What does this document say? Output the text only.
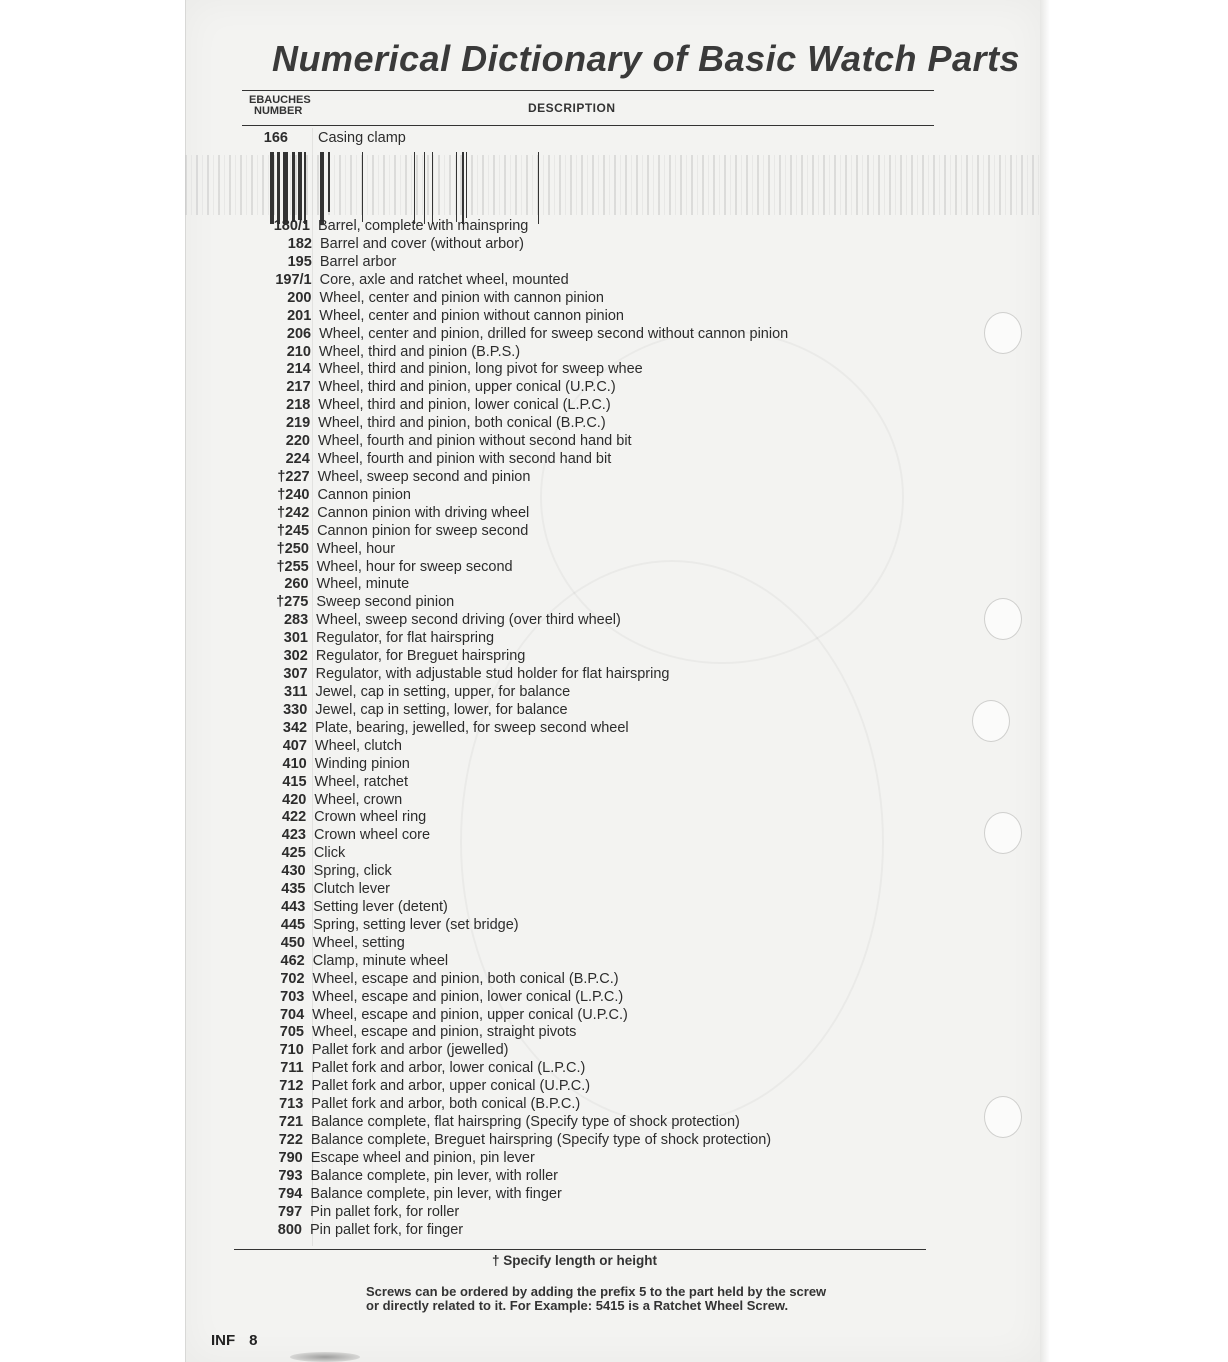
Numerical Dictionary of Basic Watch Parts
EBAUCHES
NUMBER	DESCRIPTION
166 Casing clamp
180/1 Barrel, complete with mainspring
182 Barrel and cover (without arbor)
195 Barrel arbor
197/1 Core, axle and ratchet wheel, mounted
200 Wheel, center and pinion with cannon pinion
201 Wheel, center and pinion without cannon pinion
206 Wheel, center and pinion, drilled for sweep second without cannon pinion
210 Wheel, third and pinion (B.P.S.)
214 Wheel, third and pinion, long pivot for sweep whee
217 Wheel, third and pinion, upper conical (U.P.C.)
218 Wheel, third and pinion, lower conical (L.P.C.)
219 Wheel, third and pinion, both conical (B.P.C.)
220 Wheel, fourth and pinion without second hand bit
224 Wheel, fourth and pinion with second hand bit
†227 Wheel, sweep second and pinion
†240 Cannon pinion
†242 Cannon pinion with driving wheel
†245 Cannon pinion for sweep second
†250 Wheel, hour
†255 Wheel, hour for sweep second
260 Wheel, minute
†275 Sweep second pinion
283 Wheel, sweep second driving (over third wheel)
301 Regulator, for flat hairspring
302 Regulator, for Breguet hairspring
307 Regulator, with adjustable stud holder for flat hairspring
311 Jewel, cap in setting, upper, for balance
330 Jewel, cap in setting, lower, for balance
342 Plate, bearing, jewelled, for sweep second wheel
407 Wheel, clutch
410 Winding pinion
415 Wheel, ratchet
420 Wheel, crown
422 Crown wheel ring
423 Crown wheel core
425 Click
430 Spring, click
435 Clutch lever
443 Setting lever (detent)
445 Spring, setting lever (set bridge)
450 Wheel, setting
462 Clamp, minute wheel
702 Wheel, escape and pinion, both conical (B.P.C.)
703 Wheel, escape and pinion, lower conical (L.P.C.)
704 Wheel, escape and pinion, upper conical (U.P.C.)
705 Wheel, escape and pinion, straight pivots
710 Pallet fork and arbor (jewelled)
711 Pallet fork and arbor, lower conical (L.P.C.)
712 Pallet fork and arbor, upper conical (U.P.C.)
713 Pallet fork and arbor, both conical (B.P.C.)
721 Balance complete, flat hairspring (Specify type of shock protection)
722 Balance complete, Breguet hairspring (Specify type of shock protection)
790 Escape wheel and pinion, pin lever
793 Balance complete, pin lever, with roller
794 Balance complete, pin lever, with finger
797 Pin pallet fork, for roller
800 Pin pallet fork, for finger
† Specify length or height
Screws can be ordered by adding the prefix 5 to the part held by the screw or directly related to it. For Example: 5415 is a Ratchet Wheel Screw.
INF 8
